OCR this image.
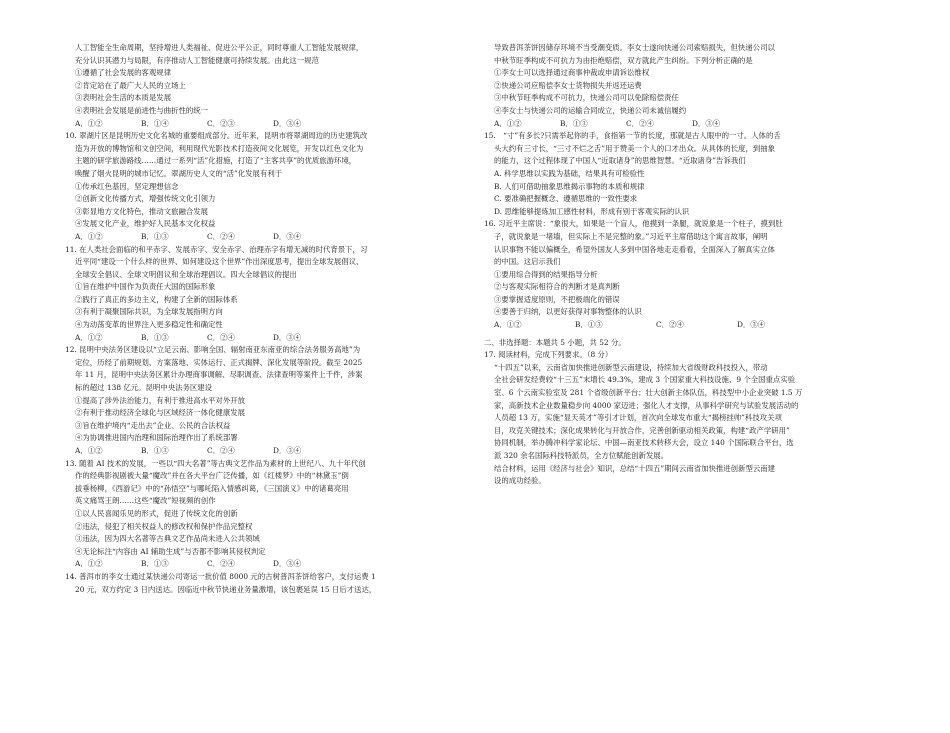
人工智能全生命周期，坚持增进人类福祉、促进公平公正，同时尊重人工智能发展规律，
充分认识其潜力与局限，有序推动人工智能健康可持续发展。由此这一规范
①遵循了社会发展的客观规律
②肯定站在了最广大人民的立场上
③表明社会生活的本质是发展
④表明社会发展是前进性与曲折性的统一
A．①②	B．①④	C．②③	D．③④
10. 翠湖片区是昆明历史文化名城的重要组成部分。近年来，昆明市将翠湖周边的历史建筑改
造为开放的博物馆和文创空间，利用现代光影技术打造夜间文化展览，开发以红色文化为
主题的研学旅游路线……通过一系列“活”化措施，打造了“主客共享”的优质旅游环境，
唤醒了烟火昆明的城市记忆。翠湖历史人文的“活”化发展有利于
①传承红色基因，坚定理想信念
②创新文化传播方式，增强传统文化引领力
③彰显地方文化特色，推动文旅融合发展
④发展文化产业，维护好人民基本文化权益
A．①②	B．①③	C．②④	D．③④
11. 在人类社会面临的和平赤字、发展赤字、安全赤字、治理赤字有增无减的时代背景下，习
近平同“建设一个什么样的世界、如何建设这个世界”作出深度思考，提出全球发展倡议、
全球安全倡议、全球文明倡议和全球治理倡议。四大全球倡议的提出
①旨在维护中国作为负责任大国的国际形象
②践行了真正的多边主义，构建了全新的国际体系
③有利于凝聚国际共识，为全球发展指明方向
④为动荡变革的世界注入更多稳定性和确定性
A．①②	B．①③	C．②④	D．③④
12. 昆明中央法务区建设以“立足云南、影响全国、辐射南亚东南亚的综合法务服务高地”为
定位，历经了前期规划、方案落地、实体运行、正式揭牌、深化发展等阶段。截至 2025
年 11 月，昆明中央法务区累计办理商事调解、尽职调查、法律查明等案件上千件，涉案
标的超过 138 亿元。昆明中央法务区建设
①提高了涉外法治能力，有利于推进高水平对外开放
②有利于推动经济全球化与区域经济一体化健康发展
③旨在维护境内“走出去”企业、公民的合法权益
④为协调推进国内治理和国际治理作出了系统部署
A．①②	B．①③	C．②④	D．③④
13. 随着 AI 技术的发展，一些以“四大名著”等古典文艺作品为素材的上世纪八、九十年代创
作的经典影视剧被大量“魔改”并在各大平台广泛传播，如《红楼梦》中的“林黛玉”倒
拔垂杨柳，《西游记》中的“孙悟空”与哪吒陷入情感纠葛，《三国演义》中的诸葛亮用
英文痛骂王朗……这些“魔改”短视频的创作
①以人民喜闻乐见的形式，促进了传统文化的创新
②违法，侵犯了相关权益人的修改权和保护作品完整权
③违法，因为四大名著等古典文艺作品尚未进入公共领域
④无论标注“内容由 AI 辅助生成”与否都不影响其侵权判定
A．①②	B．①③	C．②④	D．③④
14. 普洱市的李女士通过某快递公司寄运一批价值 8000 元的古树普洱茶饼给客户，支付运费 1
20 元，双方约定 3 日内送达。因临近中秋节快递业务量激增，该包裹延误 15 日后才送达，
导致普洱茶饼因储存环境不当受潮变质。李女士遂向快递公司索赔损失，但快递公司以
中秋节旺季构成不可抗力为由拒绝赔偿，双方就此产生纠纷。下列分析正确的是
①李女士可以选择通过商事仲裁或申请诉讼维权
②快递公司应赔偿李女士货物损失并返还运费
③中秋节旺季构成不可抗力，快递公司可以免除赔偿责任
④李女士与快递公司的运输合同成立，快递公司未诚信履约
A．①②	B．①③	C．②④	D．③④
15.　“寸”有多长?只需举起你的手，食指第一节的长度，那就是古人眼中的一寸。人体的舌
头大约有三寸长，“三寸不烂之舌”用于赞美一个人的口才出众。从具体的长度，到抽象
的能力，这个过程体现了中国人“近取诸身”的思维智慧。“近取诸身”告诉我们
A. 科学思维以实践为基础，结果具有可检验性
B. 人们可借助抽象思维揭示事物的本质和规律
C. 要准确把握概念、遵循思维的一致性要求
D. 思维能够提炼加工感性材料，形成有别于客观实际的认识
16. 习近平主席说：“象很大，如果是一个盲人，他摸到一条腿，就说象是一个柱子，摸到肚
子，就说象是一堵墙，但实际上不是完整的象。”习近平主席借助这个寓言故事，阐明
认识事物不能以偏概全，希望外国友人多到中国各地走走看看，全面深入了解真实立体
的中国。这启示我们
①要用综合得到的结果指导分析
②与客观实际相符合的判断才是真判断
③要掌握适度原则，不把极端化的错误
④要善于归纳，以更好获得对事物整体的认识
A．①②	B．①③	C．②④	D．③④
二、非选择题：本题共 5 小题，共 52 分。
17. 阅读材料，完成下列要求。（8 分）
“十四五”以来，云南省加快推进创新型云南建设，持续加大省级财政科技投入，带动
全社会研发经费较“十三五”末增长 49.3%，建成 3 个国家重大科技设施、9 个全国重点实验
室、6 个云南实验室及 281 个省级创新平台；壮大创新主体队伍，科技型中小企业突破 1.5 万
家，高新技术企业数量稳步向 4000 家迈进；强化人才支撑，从事科学研究与试验发展活动的
人员超 13 万，实施“显天英才”等引才计划，首次向全球发布重大“揭榜挂帅”科技攻关项
目，攻克关键技术；深化成果转化与开放合作，完善创新驱动相关政策，构建“政产学研用”
协同机制，举办腾冲科学家论坛、中国—南亚技术转移大会，设立 140 个国际联合平台，选
派 320 余名国际科技特派员，全方位赋能创新发展。
结合材料，运用《经济与社会》知识，总结“十四五”期间云南省加快推进创新型云南建
设的成功经验。
